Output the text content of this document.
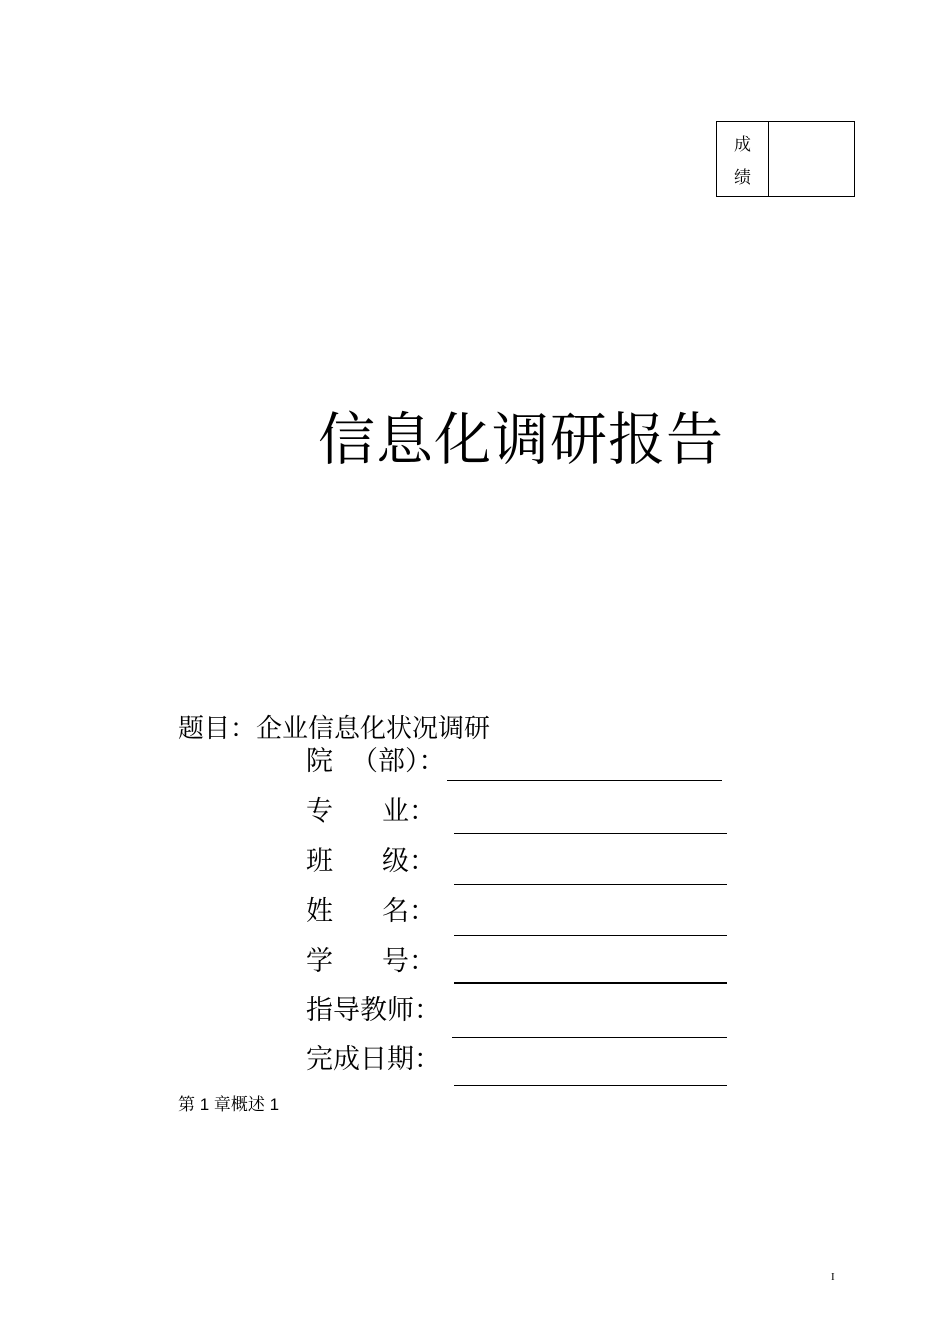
成
绩
信息化调研报告
题目：企业信息化状况调研
院 （部）：
专 业：
班 级：
姓 名：
学 号：
指导教师：
完成日期：
第 1 章概述 1
I
